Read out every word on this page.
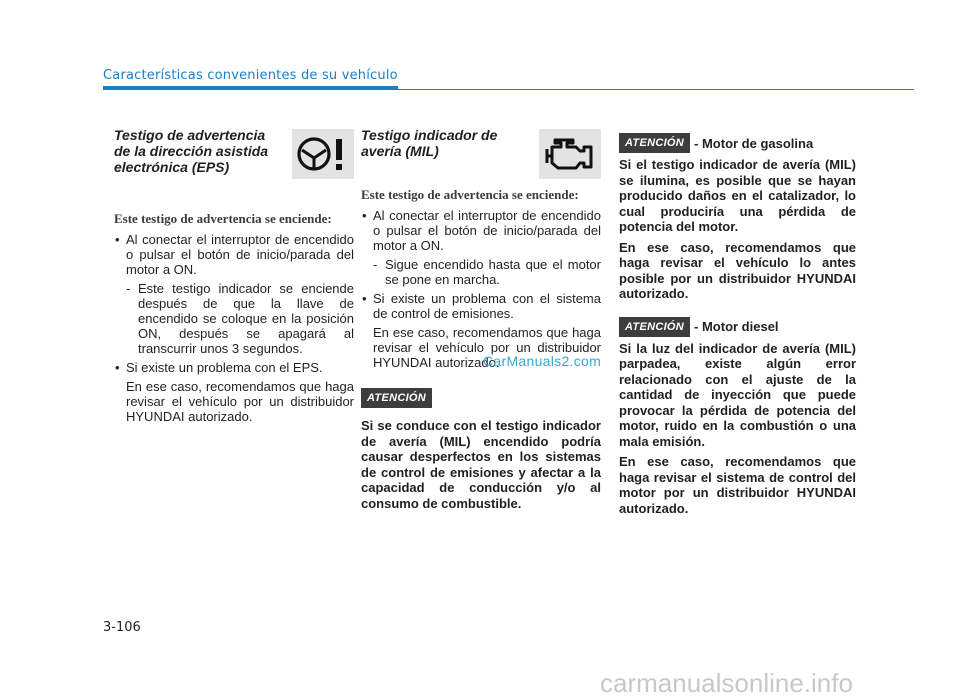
Características convenientes de su vehículo
Testigo de advertencia de la dirección asistida electrónica (EPS)
Este testigo de advertencia se enciende:
• Al conectar el interruptor de encendido o pulsar el botón de inicio/parada del motor a ON.
- Este testigo indicador se enciende después de que la llave de encendido se coloque en la posición ON, después se apagará al transcurrir unos 3 segundos.
• Si existe un problema con el EPS.
En ese caso, recomendamos que haga revisar el vehículo por un distribuidor HYUNDAI autorizado.
Testigo indicador de avería (MIL)
Este testigo de advertencia se enciende:
• Al conectar el interruptor de encendido o pulsar el botón de inicio/parada del motor a ON.
- Sigue encendido hasta que el motor se pone en marcha.
• Si existe un problema con el sistema de control de emisiones.
En ese caso, recomendamos que haga revisar el vehículo por un distribuidor HYUNDAI autorizado.
ATENCIÓN
Si se conduce con el testigo indicador de avería (MIL) encendido podría causar desperfectos en los sistemas de control de emisiones y afectar a la capacidad de conducción y/o al consumo de combustible.
ATENCIÓN - Motor de gasolina
Si el testigo indicador de avería (MIL) se ilumina, es posible que se hayan producido daños en el catalizador, lo cual produciría una pérdida de potencia del motor.
En ese caso, recomendamos que haga revisar el vehículo lo antes posible por un distribuidor HYUNDAI autorizado.
ATENCIÓN - Motor diesel
Si la luz del indicador de avería (MIL) parpadea, existe algún error relacionado con el ajuste de la cantidad de inyección que puede provocar la pérdida de potencia del motor, ruido en la combustión o una mala emisión.
En ese caso, recomendamos que haga revisar el sistema de control del motor por un distribuidor HYUNDAI autorizado.
CarManuals2.com
3-106
carmanualsonline.info
